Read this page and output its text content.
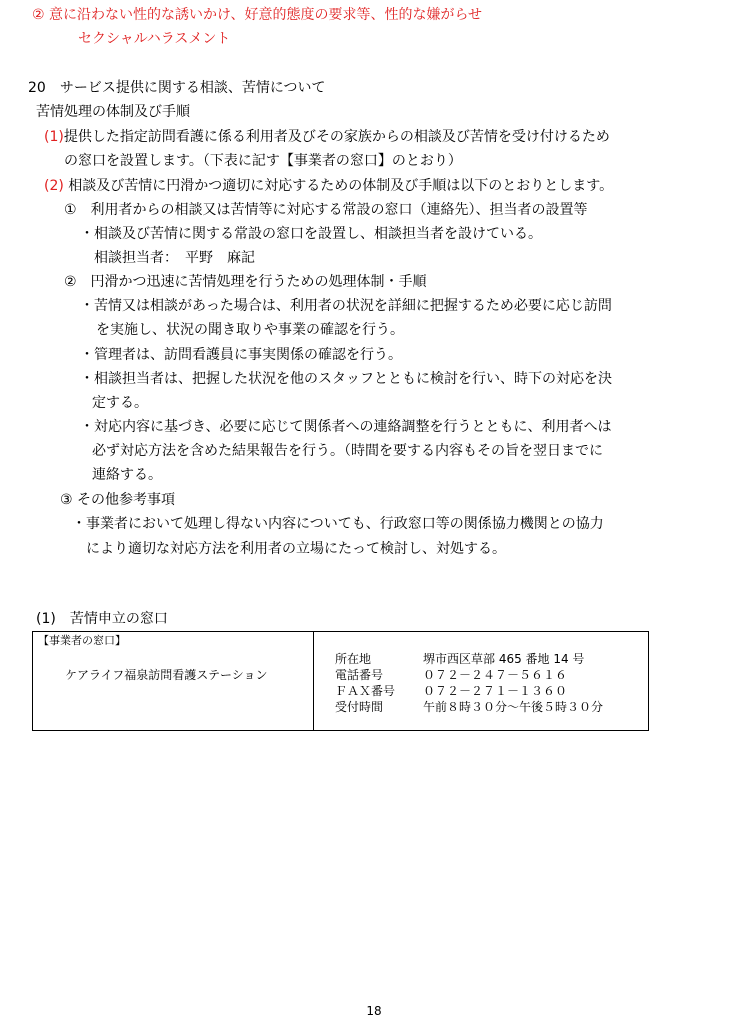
② 意に沿わない性的な誘いかけ、好意的態度の要求等、性的な嫌がらせ
セクシャルハラスメント
20　サービス提供に関する相談、苦情について
苦情処理の体制及び手順
(1)提供した指定訪問看護に係る利用者及びその家族からの相談及び苦情を受け付けるため
の窓口を設置します。（下表に記す【事業者の窓口】のとおり）
(2) 相談及び苦情に円滑かつ適切に対応するための体制及び手順は以下のとおりとします。
①　利用者からの相談又は苦情等に対応する常設の窓口（連絡先）、担当者の設置等
・相談及び苦情に関する常設の窓口を設置し、相談担当者を設けている。
相談担当者：　平野　麻記
②　円滑かつ迅速に苦情処理を行うための処理体制・手順
・苦情又は相談があった場合は、利用者の状況を詳細に把握するため必要に応じ訪問
を実施し、状況の聞き取りや事業の確認を行う。
・管理者は、訪問看護員に事実関係の確認を行う。
・相談担当者は、把握した状況を他のスタッフとともに検討を行い、時下の対応を決
定する。
・対応内容に基づき、必要に応じて関係者への連絡調整を行うとともに、利用者へは
必ず対応方法を含めた結果報告を行う。（時間を要する内容もその旨を翌日までに
連絡する。
③ その他参考事項
・事業者において処理し得ない内容についても、行政窓口等の関係協力機関との協力
により適切な対応方法を利用者の立場にたって検討し、対処する。
(1)　苦情申立の窓口
【事業者の窓口】
ケアライフ福泉訪問看護ステーション
所在地	堺市西区草部 465 番地 14 号
電話番号	０７２－２４７－５６１６
ＦＡＸ番号 ０７２－２７１－１３６０
受付時間	午前８時３０分～午後５時３０分
18
